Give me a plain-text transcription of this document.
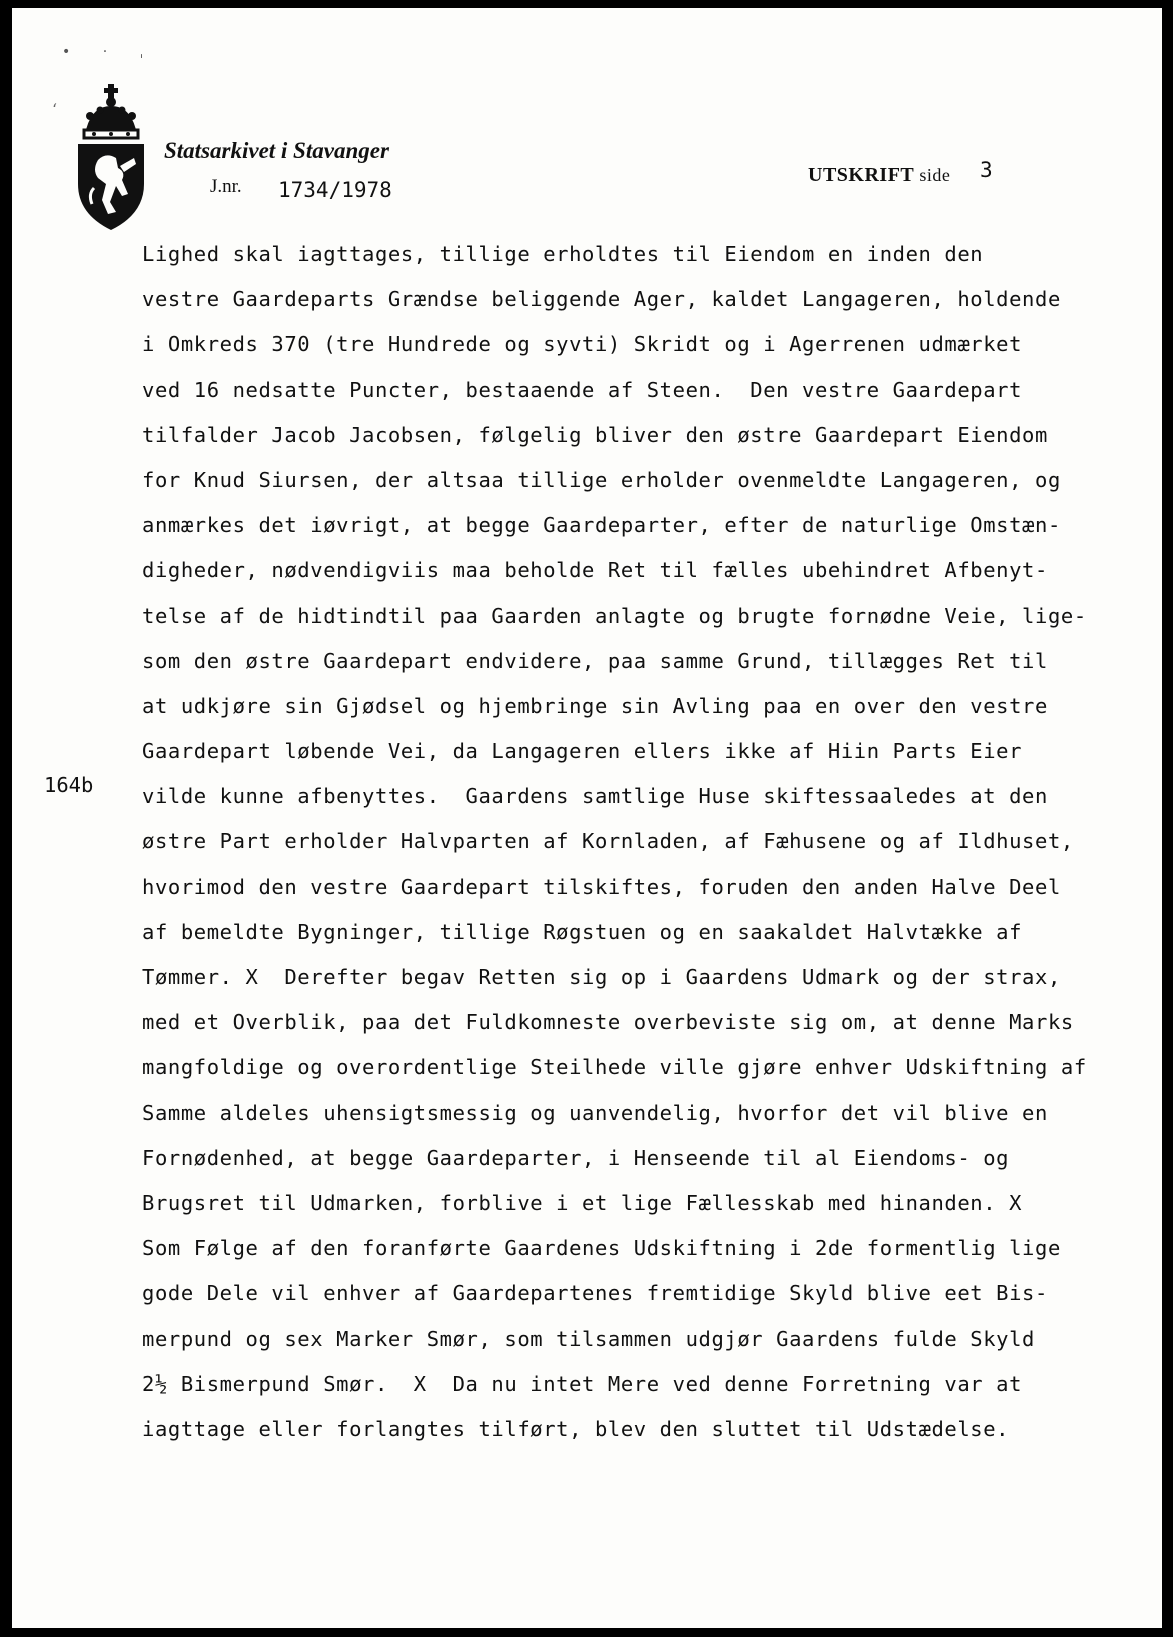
• · ˌ
‘
Statsarkivet i Stavanger
J.nr. 1734/1978
UTSKRIFT side 3
164b
Lighed skal iagttages, tillige erholdtes til Eiendom en inden den
vestre Gaardeparts Grændse beliggende Ager, kaldet Langageren, holdende
i Omkreds 370 (tre Hundrede og syvti) Skridt og i Agerrenen udmærket
ved 16 nedsatte Puncter, bestaaende af Steen.  Den vestre Gaardepart
tilfalder Jacob Jacobsen, følgelig bliver den østre Gaardepart Eiendom
for Knud Siursen, der altsaa tillige erholder ovenmeldte Langageren, og
anmærkes det iøvrigt, at begge Gaardeparter, efter de naturlige Omstæn-
digheder, nødvendigviis maa beholde Ret til fælles ubehindret Afbenyt-
telse af de hidtindtil paa Gaarden anlagte og brugte fornødne Veie, lige-
som den østre Gaardepart endvidere, paa samme Grund, tillægges Ret til
at udkjøre sin Gjødsel og hjembringe sin Avling paa en over den vestre
Gaardepart løbende Vei, da Langageren ellers ikke af Hiin Parts Eier
vilde kunne afbenyttes.  Gaardens samtlige Huse skiftessaaledes at den
østre Part erholder Halvparten af Kornladen, af Fæhusene og af Ildhuset,
hvorimod den vestre Gaardepart tilskiftes, foruden den anden Halve Deel
af bemeldte Bygninger, tillige Røgstuen og en saakaldet Halvtække af
Tømmer. X  Derefter begav Retten sig op i Gaardens Udmark og der strax,
med et Overblik, paa det Fuldkomneste overbeviste sig om, at denne Marks
mangfoldige og overordentlige Steilhede ville gjøre enhver Udskiftning af
Samme aldeles uhensigtsmessig og uanvendelig, hvorfor det vil blive en
Fornødenhed, at begge Gaardeparter, i Henseende til al Eiendoms- og
Brugsret til Udmarken, forblive i et lige Fællesskab med hinanden. X
Som Følge af den foranførte Gaardenes Udskiftning i 2de formentlig lige
gode Dele vil enhver af Gaardepartenes fremtidige Skyld blive eet Bis-
merpund og sex Marker Smør, som tilsammen udgjør Gaardens fulde Skyld
2½ Bismerpund Smør.  X  Da nu intet Mere ved denne Forretning var at
iagttage eller forlangtes tilført, blev den sluttet til Udstædelse.
